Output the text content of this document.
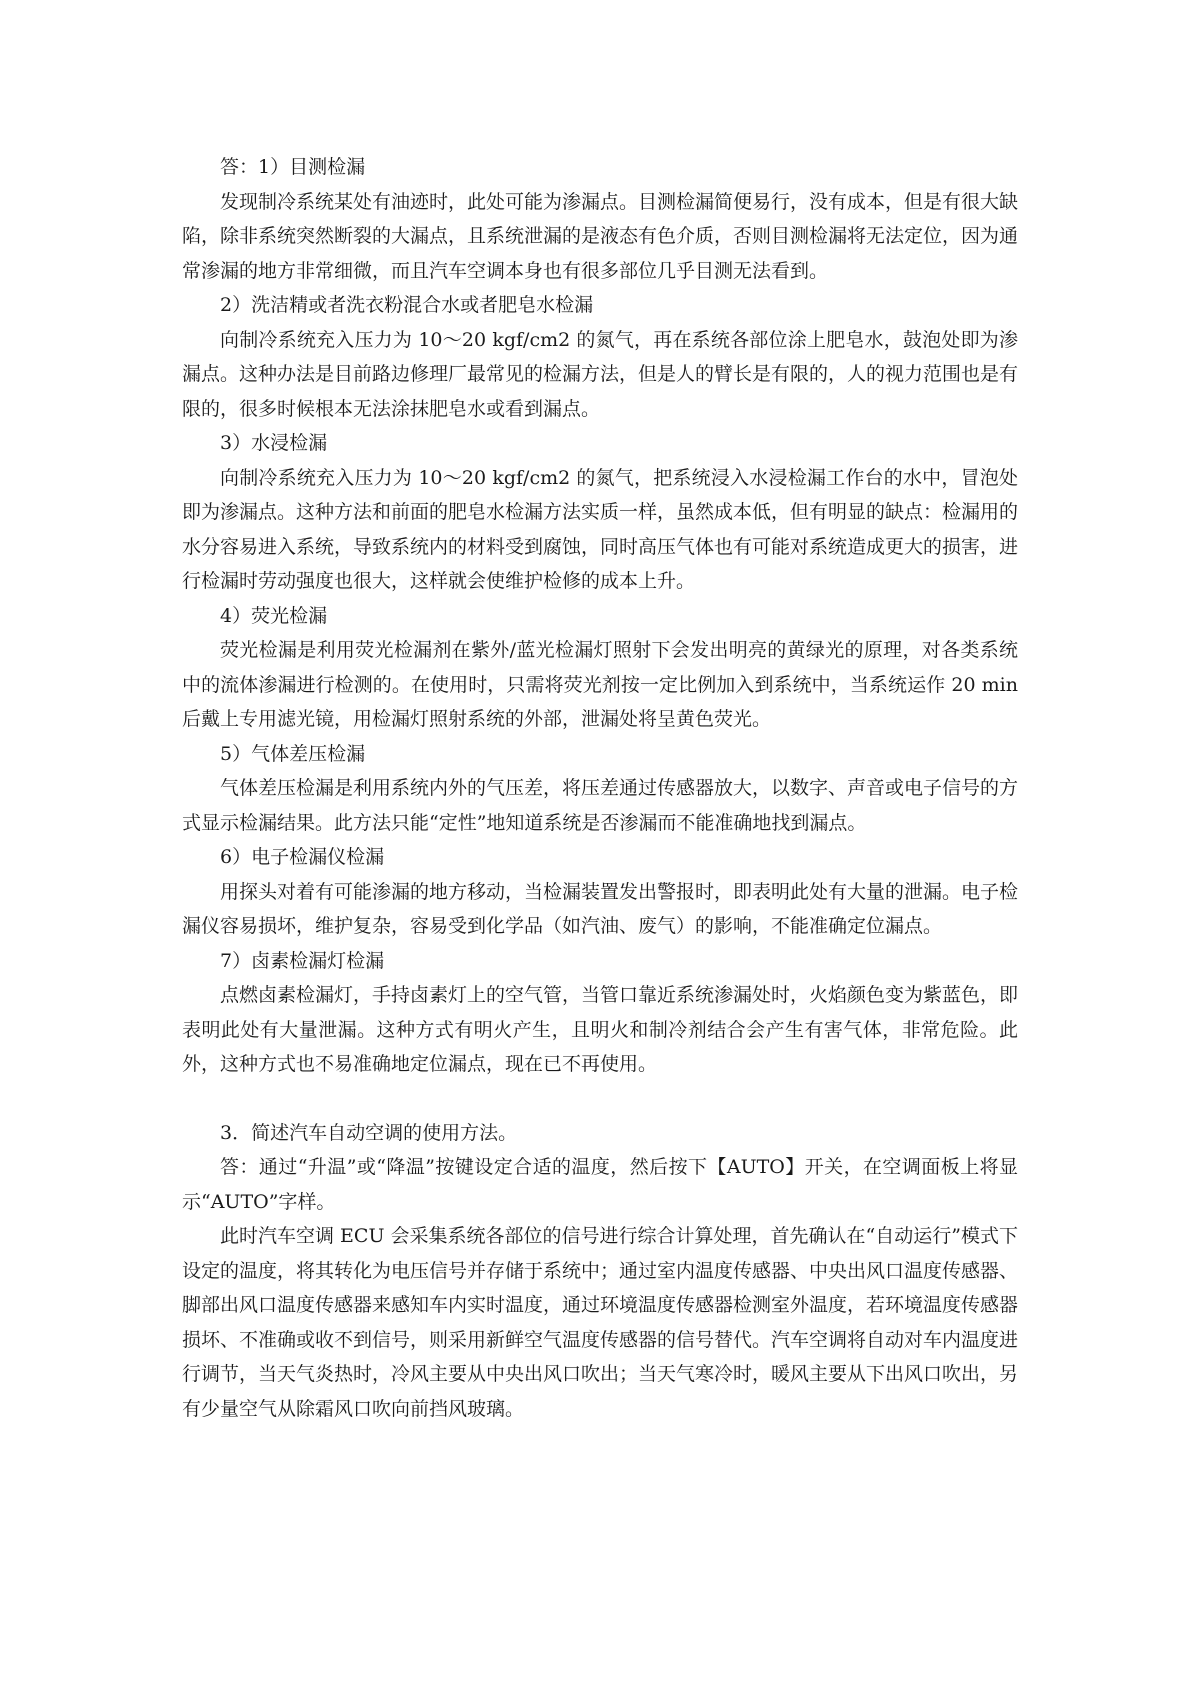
答：1）目测检漏

发现制冷系统某处有油迹时，此处可能为渗漏点。目测检漏简便易行，没有成本，但是有很大缺陷，除非系统突然断裂的大漏点，且系统泄漏的是液态有色介质，否则目测检漏将无法定位，因为通常渗漏的地方非常细微，而且汽车空调本身也有很多部位几乎目测无法看到。

2）洗洁精或者洗衣粉混合水或者肥皂水检漏

向制冷系统充入压力为 10～20 kgf/cm2 的氮气，再在系统各部位涂上肥皂水，鼓泡处即为渗漏点。这种办法是目前路边修理厂最常见的检漏方法，但是人的臂长是有限的，人的视力范围也是有限的，很多时候根本无法涂抹肥皂水或看到漏点。

3）水浸检漏

向制冷系统充入压力为 10～20 kgf/cm2 的氮气，把系统浸入水浸检漏工作台的水中，冒泡处即为渗漏点。这种方法和前面的肥皂水检漏方法实质一样，虽然成本低，但有明显的缺点：检漏用的水分容易进入系统，导致系统内的材料受到腐蚀，同时高压气体也有可能对系统造成更大的损害，进行检漏时劳动强度也很大，这样就会使维护检修的成本上升。

4）荧光检漏

荧光检漏是利用荧光检漏剂在紫外/蓝光检漏灯照射下会发出明亮的黄绿光的原理，对各类系统中的流体渗漏进行检测的。在使用时，只需将荧光剂按一定比例加入到系统中，当系统运作 20 min 后戴上专用滤光镜，用检漏灯照射系统的外部，泄漏处将呈黄色荧光。

5）气体差压检漏

气体差压检漏是利用系统内外的气压差，将压差通过传感器放大，以数字、声音或电子信号的方式显示检漏结果。此方法只能“定性”地知道系统是否渗漏而不能准确地找到漏点。

6）电子检漏仪检漏

用探头对着有可能渗漏的地方移动，当检漏装置发出警报时，即表明此处有大量的泄漏。电子检漏仪容易损坏，维护复杂，容易受到化学品（如汽油、废气）的影响，不能准确定位漏点。

7）卤素检漏灯检漏

点燃卤素检漏灯，手持卤素灯上的空气管，当管口靠近系统渗漏处时，火焰颜色变为紫蓝色，即表明此处有大量泄漏。这种方式有明火产生，且明火和制冷剂结合会产生有害气体，非常危险。此外，这种方式也不易准确地定位漏点，现在已不再使用。

3．简述汽车自动空调的使用方法。

答：通过“升温”或“降温”按键设定合适的温度，然后按下【AUTO】开关，在空调面板上将显示“AUTO”字样。

此时汽车空调 ECU 会采集系统各部位的信号进行综合计算处理，首先确认在“自动运行”模式下设定的温度，将其转化为电压信号并存储于系统中；通过室内温度传感器、中央出风口温度传感器、脚部出风口温度传感器来感知车内实时温度，通过环境温度传感器检测室外温度，若环境温度传感器损坏、不准确或收不到信号，则采用新鲜空气温度传感器的信号替代。汽车空调将自动对车内温度进行调节，当天气炎热时，冷风主要从中央出风口吹出；当天气寒冷时，暖风主要从下出风口吹出，另有少量空气从除霜风口吹向前挡风玻璃。
